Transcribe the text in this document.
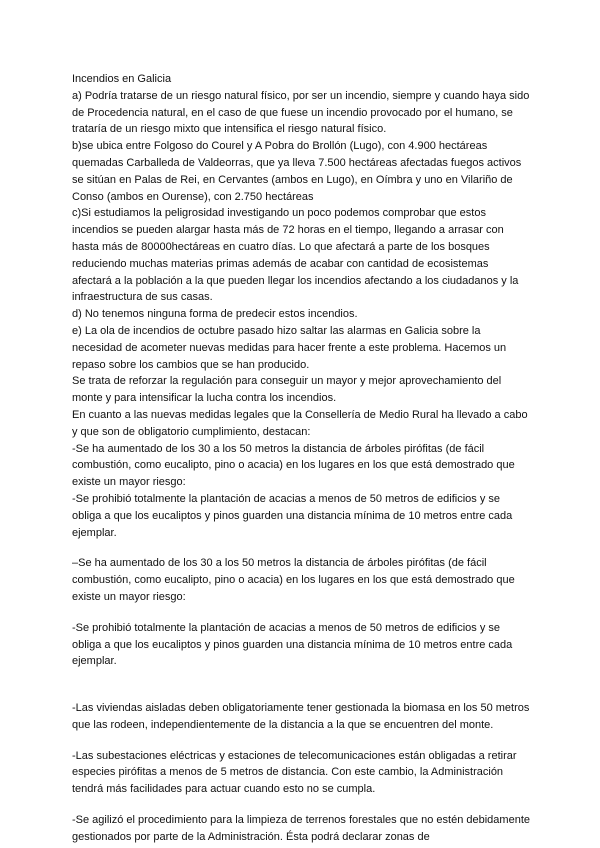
Incendios en Galicia

a) Podría tratarse de un riesgo natural físico, por ser un incendio, siempre y cuando haya sido de Procedencia natural, en el caso de que fuese un incendio provocado por el humano, se trataría de un riesgo mixto que intensifica el riesgo natural físico.

b)se ubica entre Folgoso do Courel y A Pobra do Brollón (Lugo), con 4.900 hectáreas quemadas Carballeda de Valdeorras, que ya lleva 7.500 hectáreas afectadas fuegos activos se sitúan en Palas de Rei, en Cervantes (ambos en Lugo), en Oímbra y uno en Vilariño de Conso (ambos en Ourense), con 2.750 hectáreas

c)Si estudiamos la peligrosidad investigando un poco podemos comprobar que estos incendios se pueden alargar hasta más de 72 horas en el tiempo, llegando a arrasar con hasta más de 80000hectáreas en cuatro días. Lo que afectará a parte de los bosques reduciendo muchas materias primas además de acabar con cantidad de ecosistemas afectará a la población a la que pueden llegar los incendios afectando a los ciudadanos y la infraestructura de sus casas.

d) No tenemos ninguna forma de predecir estos incendios.

e) La ola de incendios de octubre pasado hizo saltar las alarmas en Galicia sobre la necesidad de acometer nuevas medidas para hacer frente a este problema. Hacemos un repaso sobre los cambios que se han producido.

Se trata de reforzar la regulación para conseguir un mayor y mejor aprovechamiento del monte y para intensificar la lucha contra los incendios.

En cuanto a las nuevas medidas legales que la Consellería de Medio Rural ha llevado a cabo y que son de obligatorio cumplimiento, destacan:

-Se ha aumentado de los 30 a los 50 metros la distancia de árboles pirófitas (de fácil combustión, como eucalipto, pino o acacia) en los lugares en los que está demostrado que existe un mayor riesgo:

-Se prohibió totalmente la plantación de acacias a menos de 50 metros de edificios y se obliga a que los eucaliptos y pinos guarden una distancia mínima de 10 metros entre cada ejemplar.

–Se ha aumentado de los 30 a los 50 metros la distancia de árboles pirófitas (de fácil combustión, como eucalipto, pino o acacia) en los lugares en los que está demostrado que existe un mayor riesgo:

-Se prohibió totalmente la plantación de acacias a menos de 50 metros de edificios y se obliga a que los eucaliptos y pinos guarden una distancia mínima de 10 metros entre cada ejemplar.

-Las viviendas aisladas deben obligatoriamente tener gestionada la biomasa en los 50 metros que las rodeen, independientemente de la distancia a la que se encuentren del monte.

-Las subestaciones eléctricas y estaciones de telecomunicaciones están obligadas a retirar especies pirófitas a menos de 5 metros de distancia. Con este cambio, la Administración tendrá más facilidades para actuar cuando esto no se cumpla.

-Se agilizó el procedimiento para la limpieza de terrenos forestales que no estén debidamente gestionados por parte de la Administración. Ésta podrá declarar zonas de
